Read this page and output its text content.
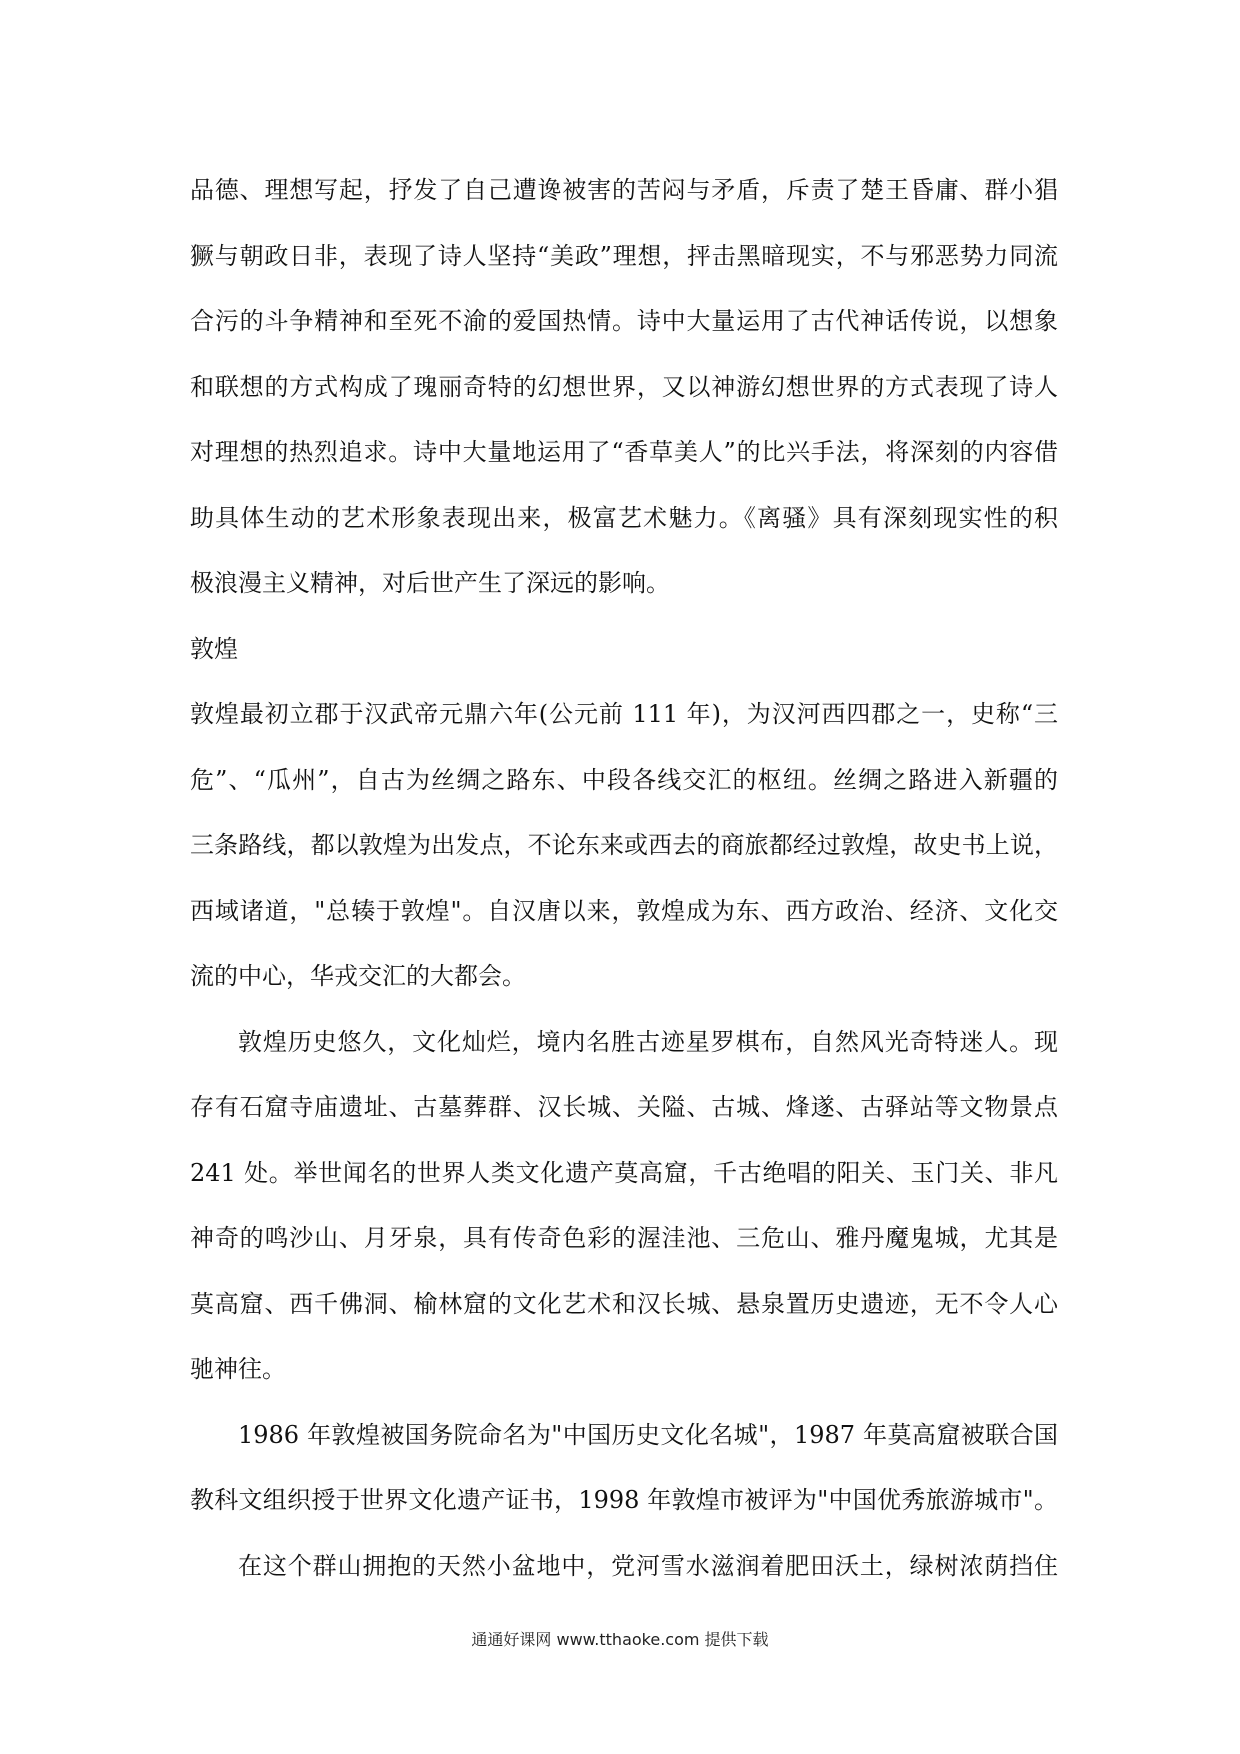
品德、理想写起，抒发了自己遭谗被害的苦闷与矛盾，斥责了楚王昏庸、群小猖
獗与朝政日非，表现了诗人坚持“美政”理想，抨击黑暗现实，不与邪恶势力同流
合污的斗争精神和至死不渝的爱国热情。诗中大量运用了古代神话传说，以想象
和联想的方式构成了瑰丽奇特的幻想世界，又以神游幻想世界的方式表现了诗人
对理想的热烈追求。诗中大量地运用了“香草美人”的比兴手法，将深刻的内容借
助具体生动的艺术形象表现出来，极富艺术魅力。《离骚》具有深刻现实性的积
极浪漫主义精神，对后世产生了深远的影响。
敦煌
敦煌最初立郡于汉武帝元鼎六年(公元前 111 年)，为汉河西四郡之一，史称“三
危”、“瓜州”，自古为丝绸之路东、中段各线交汇的枢纽。丝绸之路进入新疆的
三条路线，都以敦煌为出发点，不论东来或西去的商旅都经过敦煌，故史书上说，
西域诸道，"总辏于敦煌"。自汉唐以来，敦煌成为东、西方政治、经济、文化交
流的中心，华戎交汇的大都会。
敦煌历史悠久，文化灿烂，境内名胜古迹星罗棋布，自然风光奇特迷人。现
存有石窟寺庙遗址、古墓葬群、汉长城、关隘、古城、烽遂、古驿站等文物景点
241 处。举世闻名的世界人类文化遗产莫高窟，千古绝唱的阳关、玉门关、非凡
神奇的鸣沙山、月牙泉，具有传奇色彩的渥洼池、三危山、雅丹魔鬼城，尤其是
莫高窟、西千佛洞、榆林窟的文化艺术和汉长城、悬泉置历史遗迹，无不令人心
驰神往。
1986 年敦煌被国务院命名为"中国历史文化名城"，1987 年莫高窟被联合国
教科文组织授于世界文化遗产证书，1998 年敦煌市被评为"中国优秀旅游城市"。
在这个群山拥抱的天然小盆地中，党河雪水滋润着肥田沃土，绿树浓荫挡住
通通好课网 www.tthaoke.com 提供下载
